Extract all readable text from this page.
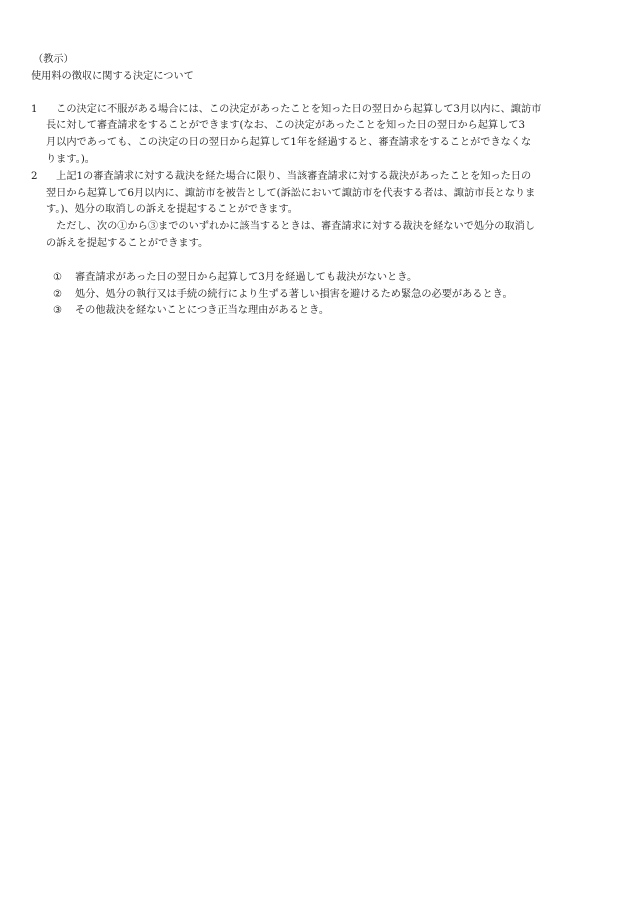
（教示）
使用料の徴収に関する決定について
1 　この決定に不服がある場合には、この決定があったことを知った日の翌日から起算して3月以内に、諏訪市
長に対して審査請求をすることができます(なお、この決定があったことを知った日の翌日から起算して3
月以内であっても、この決定の日の翌日から起算して1年を経過すると、審査請求をすることができなくな
ります。)。
2 　上記1の審査請求に対する裁決を経た場合に限り、当該審査請求に対する裁決があったことを知った日の
翌日から起算して6月以内に、諏訪市を被告として(訴訟において諏訪市を代表する者は、諏訪市長となりま
す。)、処分の取消しの訴えを提起することができます。
　ただし、次の①から③までのいずれかに該当するときは、審査請求に対する裁決を経ないで処分の取消し
の訴えを提起することができます。
①	審査請求があった日の翌日から起算して3月を経過しても裁決がないとき。
②	処分、処分の執行又は手続の続行により生ずる著しい損害を避けるため緊急の必要があるとき。
③	その他裁決を経ないことにつき正当な理由があるとき。
